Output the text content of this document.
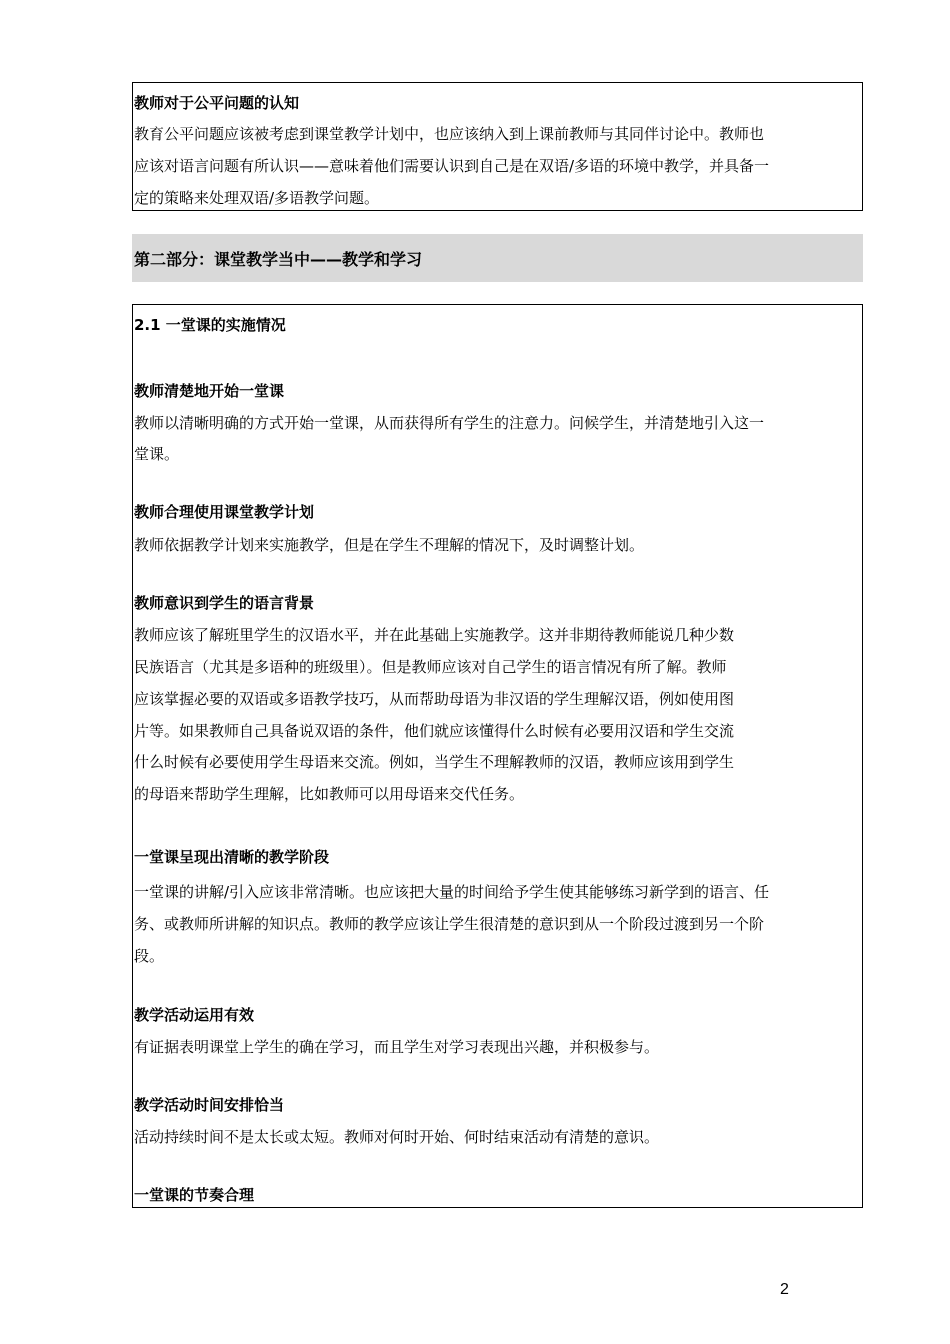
教师对于公平问题的认知
教育公平问题应该被考虑到课堂教学计划中，也应该纳入到上课前教师与其同伴讨论中。教师也
应该对语言问题有所认识——意味着他们需要认识到自己是在双语/多语的环境中教学，并具备一
定的策略来处理双语/多语教学问题。
第二部分：课堂教学当中——教学和学习
2.1 一堂课的实施情况
教师清楚地开始一堂课
教师以清晰明确的方式开始一堂课，从而获得所有学生的注意力。问候学生，并清楚地引入这一
堂课。
教师合理使用课堂教学计划
教师依据教学计划来实施教学，但是在学生不理解的情况下，及时调整计划。
教师意识到学生的语言背景
教师应该了解班里学生的汉语水平，并在此基础上实施教学。这并非期待教师能说几种少数
民族语言（尤其是多语种的班级里）。但是教师应该对自己学生的语言情况有所了解。教师
应该掌握必要的双语或多语教学技巧，从而帮助母语为非汉语的学生理解汉语，例如使用图
片等。如果教师自己具备说双语的条件，他们就应该懂得什么时候有必要用汉语和学生交流
什么时候有必要使用学生母语来交流。例如，当学生不理解教师的汉语，教师应该用到学生
的母语来帮助学生理解，比如教师可以用母语来交代任务。
一堂课呈现出清晰的教学阶段
一堂课的讲解/引入应该非常清晰。也应该把大量的时间给予学生使其能够练习新学到的语言、任
务、或教师所讲解的知识点。教师的教学应该让学生很清楚的意识到从一个阶段过渡到另一个阶
段。
教学活动运用有效
有证据表明课堂上学生的确在学习，而且学生对学习表现出兴趣，并积极参与。
教学活动时间安排恰当
活动持续时间不是太长或太短。教师对何时开始、何时结束活动有清楚的意识。
一堂课的节奏合理
2
